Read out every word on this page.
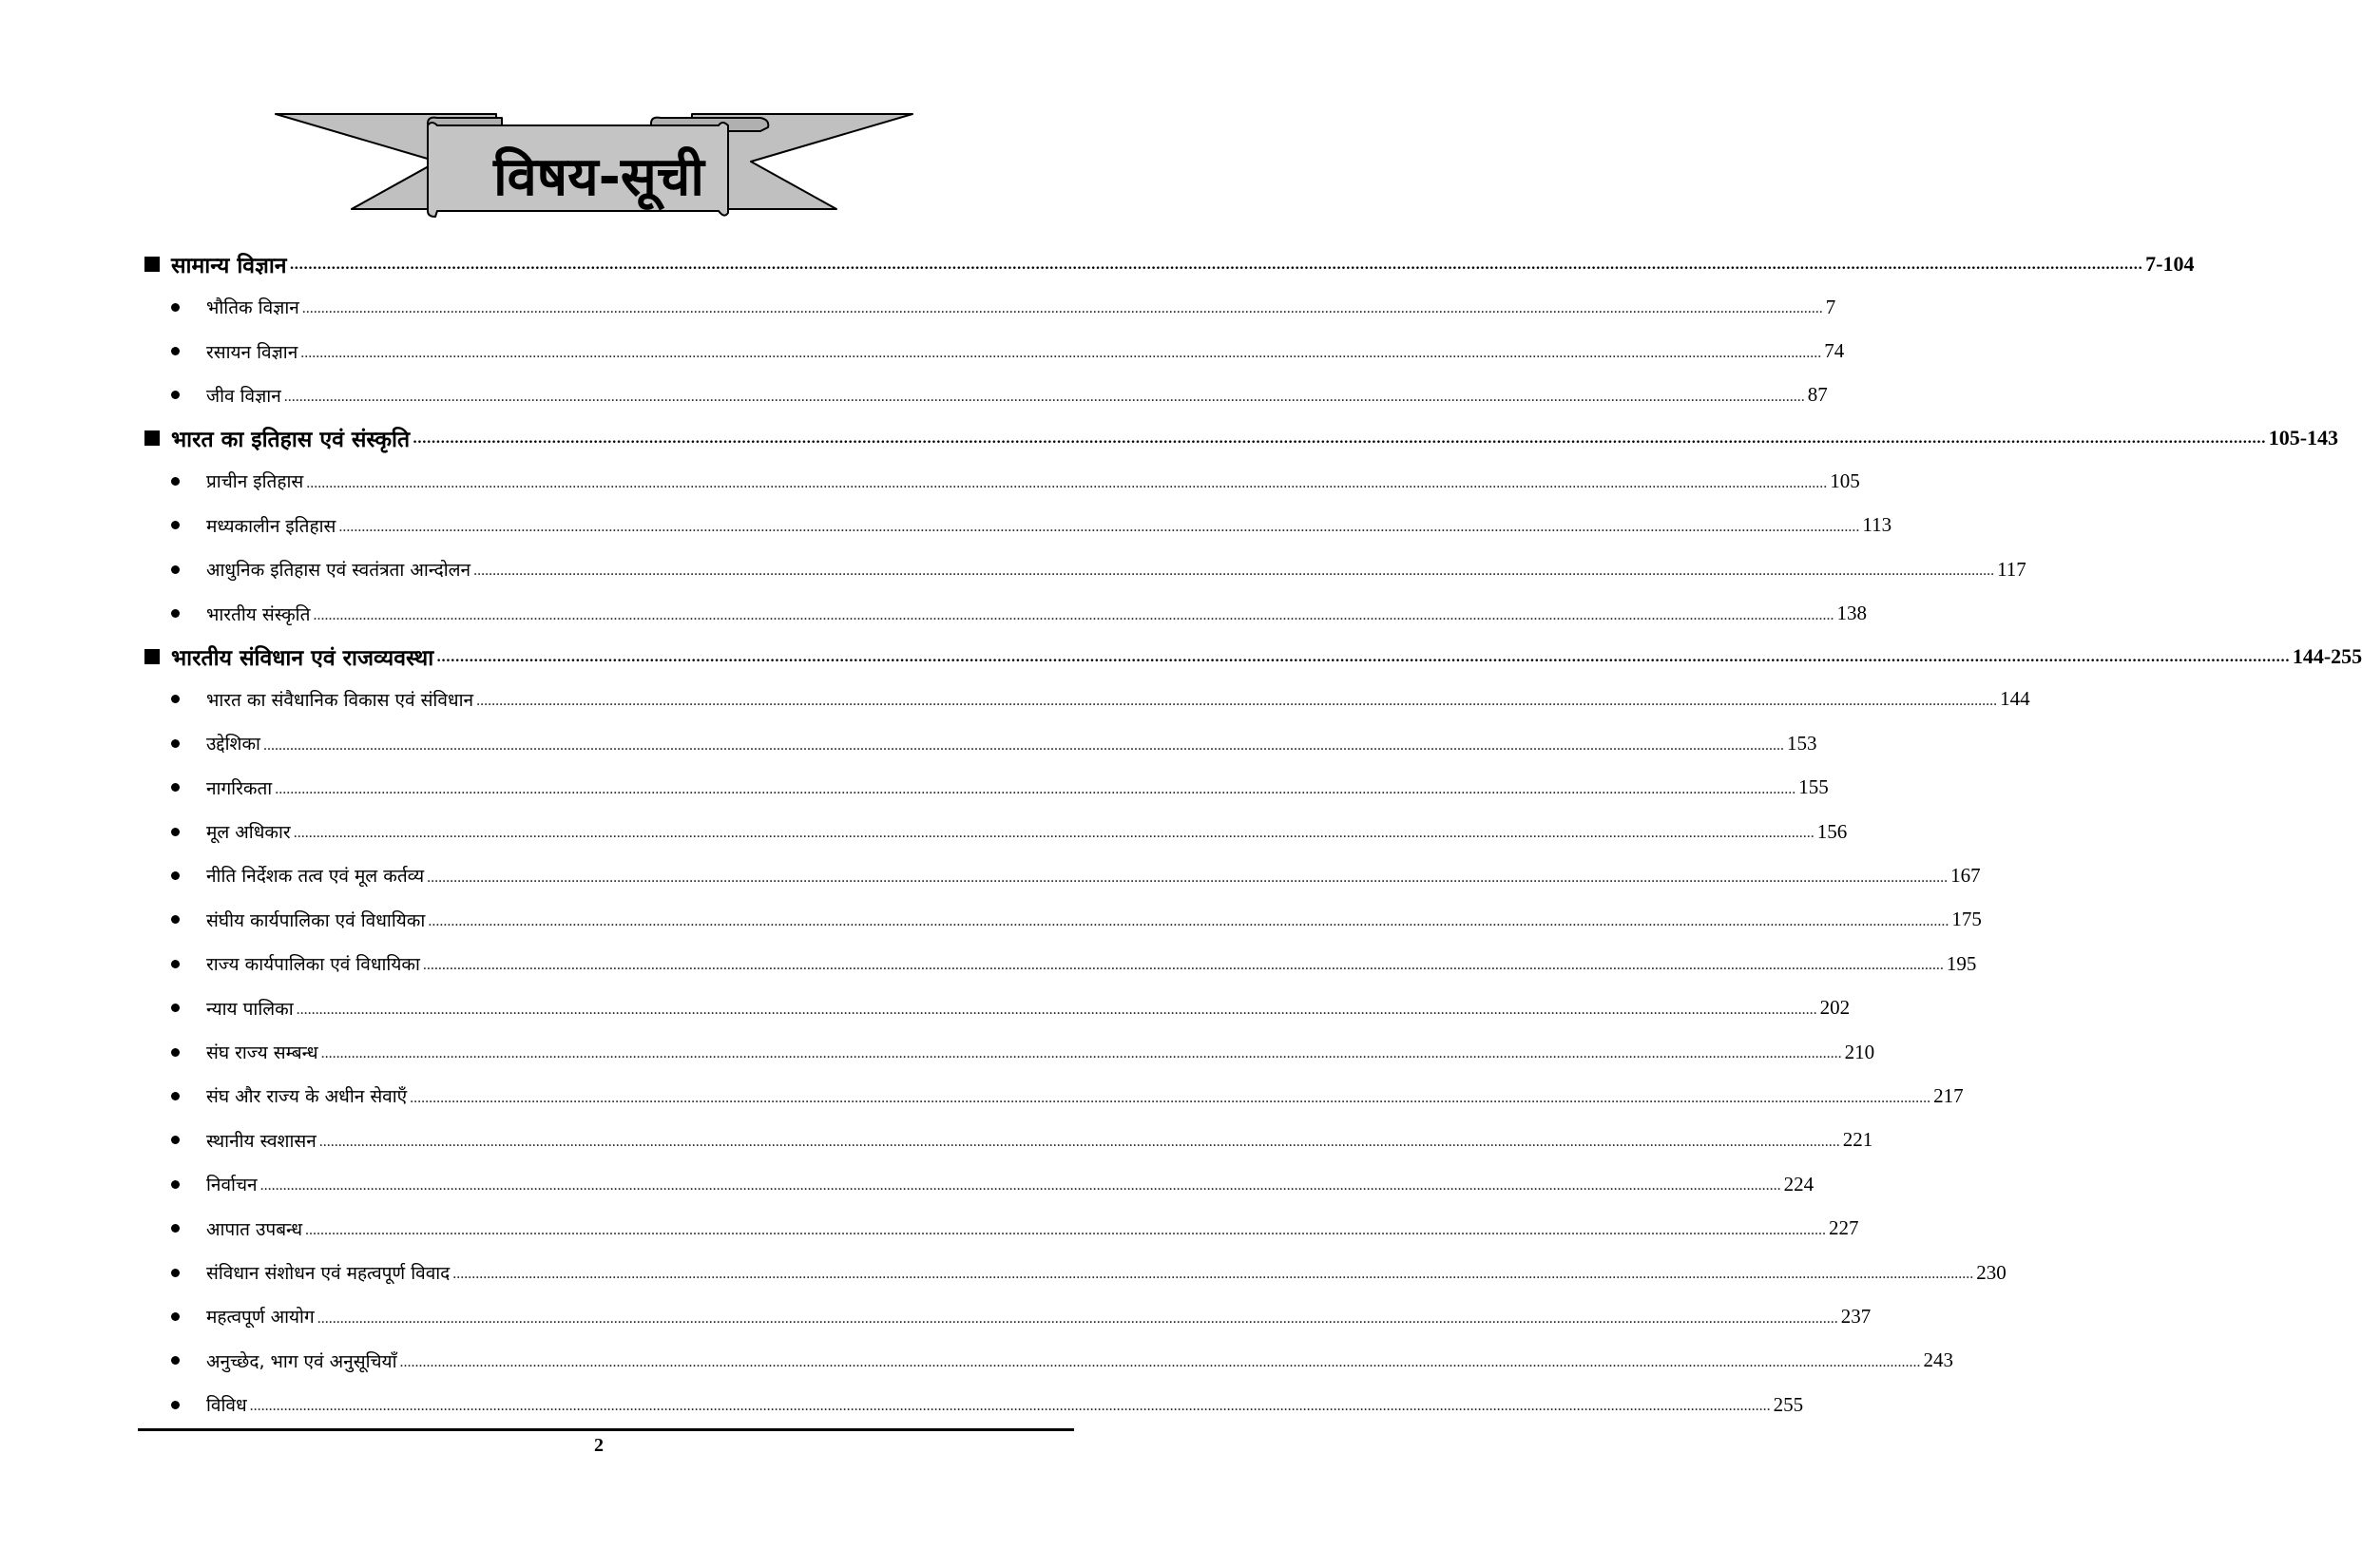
विषय-सूची
सामान्य विज्ञान ................................................................................................................................................................................................................................................................................................................................................................................................................ 7-104
भौतिक विज्ञान ................................................................................................................................................................................................................................................................................................................................................................................................................ 7
रसायन विज्ञान ................................................................................................................................................................................................................................................................................................................................................................................................................ 74
जीव विज्ञान ................................................................................................................................................................................................................................................................................................................................................................................................................ 87
भारत का इतिहास एवं संस्कृति ................................................................................................................................................................................................................................................................................................................................................................................................................ 105-143
प्राचीन इतिहास ................................................................................................................................................................................................................................................................................................................................................................................................................ 105
मध्यकालीन इतिहास ................................................................................................................................................................................................................................................................................................................................................................................................................ 113
आधुनिक इतिहास एवं स्वतंत्रता आन्दोलन ................................................................................................................................................................................................................................................................................................................................................................................................................ 117
भारतीय संस्कृति ................................................................................................................................................................................................................................................................................................................................................................................................................ 138
भारतीय संविधान एवं राजव्यवस्था ................................................................................................................................................................................................................................................................................................................................................................................................................ 144-255
भारत का संवैधानिक विकास एवं संविधान ................................................................................................................................................................................................................................................................................................................................................................................................................ 144
उद्देशिका ................................................................................................................................................................................................................................................................................................................................................................................................................ 153
नागरिकता ................................................................................................................................................................................................................................................................................................................................................................................................................ 155
मूल अधिकार ................................................................................................................................................................................................................................................................................................................................................................................................................ 156
नीति निर्देशक तत्व एवं मूल कर्तव्य ................................................................................................................................................................................................................................................................................................................................................................................................................ 167
संघीय कार्यपालिका एवं विधायिका ................................................................................................................................................................................................................................................................................................................................................................................................................ 175
राज्य कार्यपालिका एवं विधायिका ................................................................................................................................................................................................................................................................................................................................................................................................................ 195
न्याय पालिका ................................................................................................................................................................................................................................................................................................................................................................................................................ 202
संघ राज्य सम्बन्ध ................................................................................................................................................................................................................................................................................................................................................................................................................ 210
संघ और राज्य के अधीन सेवाएँ ................................................................................................................................................................................................................................................................................................................................................................................................................ 217
स्थानीय स्वशासन ................................................................................................................................................................................................................................................................................................................................................................................................................ 221
निर्वाचन ................................................................................................................................................................................................................................................................................................................................................................................................................ 224
आपात उपबन्ध ................................................................................................................................................................................................................................................................................................................................................................................................................ 227
संविधान संशोधन एवं महत्वपूर्ण विवाद ................................................................................................................................................................................................................................................................................................................................................................................................................ 230
महत्वपूर्ण आयोग ................................................................................................................................................................................................................................................................................................................................................................................................................ 237
अनुच्छेद, भाग एवं अनुसूचियाँ ................................................................................................................................................................................................................................................................................................................................................................................................................ 243
विविध ................................................................................................................................................................................................................................................................................................................................................................................................................ 255
2
